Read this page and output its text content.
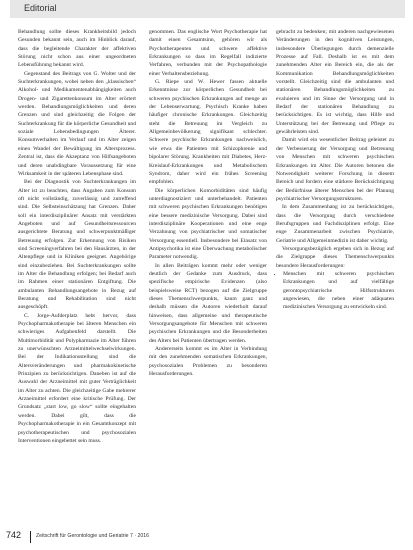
Editorial

Behandlung sollte dieses Krankheitsbild jedoch Gesunden bekannt sein, auch im Hinblick darauf, dass die begleitende Charakter der affektiven Störung nicht schon aus einer ungeordneten Lebensführung bekannt wird.

Gegenstand des Beitrags von G. Wolter und der Suchterkrankungen, wobei neben den „klassischen“ Alkohol- und Medikamentenabhängigkeiten auch Drogen- und Zigarettenkonsum im Alter erörtert werden. Behandlungsmöglichkeiten und deren Grenzen und sind gleichzeitig die Folgen der Suchterkrankung für die körperliche Gesundheit und soziale Lebensbedingungen Älterer. Konsumverhalten im Verlauf und im Alter zeigen einen Wandel der Bewältigung im Altersprozess. Zentral ist, dass die Akzeptanz von Hilfsangeboten und deren unabdingbare Voraussetzung für eine Wirksamkeit in der späteren Lebensphase sind.

Bei der Diagnostik von Suchterkrankungen im Alter ist zu beachten, dass Angaben zum Konsum oft nicht vollständig, zuverlässig und zutreffend sind. Die Selbsteinschätzung hat Grenzen. Daher soll ein interdisziplinärer Ansatz mit verstärkten Angeboten und auf Gesundheitsressourcen ausgerichtete Beratung und schwerpunktmäßiger Betreuung erfolgen. Zur Erkennung von Risiken sind Screeningverfahren bei den Hausärzten, in der Altenpflege und in Kliniken geeignet. Angehörige sind einzubeziehen. Bei Suchterkrankungen sollte im Alter die Behandlung erfolgen; bei Bedarf auch im Rahmen einer stationären Entgiftung. Die ambulanten Behandlungsangebote in Bezug auf Beratung und Rehabilitation sind nicht ausgeschöpft.

C. Jorge-Aufderplatz hebt hervor, dass Psychopharmakotherapie bei älteren Menschen ein schwieriges Aufgabenfeld darstellt. Die Multimorbidität und Polypharmazie im Alter führen zu unerwünschten Arzneimittelwechselwirkungen. Bei der Indikationsstellung sind die Altersveränderungen und pharmakokinetische Prinzipien zu berücksichtigen. Daneben ist auf die Auswahl der Arzneimittel mit guter Verträglichkeit im Alter zu achten. Die gleichzeitige Gabe mehrerer Arzneimittel erfordert eine kritische Prüfung. Der Grundsatz „start low, go slow“ sollte eingehalten werden. Dabei gilt, dass die Psychopharmakotherapie in ein Gesamtkonzept mit psychotherapeutischen und psychosozialen Interventionen eingebettet sein muss.

genommen. Das englische Wort Psychotherapie hat damit einen Gesamtsinn, gehören wir als Psychotherapeuten und schwere affektive Erkrankungen so dass im Regelfall indizierte Verfahren, verbunden mit der Psychopathologie einer Verhaltensbeziehung.

G. Riepe und W. Hewer fassen aktuelle Erkenntnisse zur körperlichen Gesundheit bei schweren psychischen Erkrankungen auf menge an der Lebenserwartung. Psychisch Kranke haben häufiger chronische Erkrankungen. Gleichzeitig steht die Betreuung im Vergleich zu Allgemeinbevölkerung signifikant schlechter. Schwere psychische Erkrankungen nachweislich, wie etwa die Patienten mit Schizophrenie und bipolarer Störung. Krankheiten mit Diabetes, Herz-Kreislauf-Erkrankungen und Metabolischem Syndrom, daher wird ein frühes Screening empfohlen.

Die körperlichen Komorbiditäten sind häufig unterdiagnostiziert und unterbehandelt. Patienten mit schweren psychischen Erkrankungen benötigen eine bessere medizinische Versorgung. Dabei sind interdisziplinäre Kooperationen und eine enge Verzahnung von psychiatrischer und somatischer Versorgung essentiell. Insbesondere bei Einsatz von Antipsychotika ist eine Überwachung metabolischer Parameter notwendig.

In allen Beiträgen kommt mehr oder weniger deutlich der Gedanke zum Ausdruck, dass spezifische empirische Evidenzen (also beispielsweise RCT) bezogen auf die Zielgruppe dieses Themenschwerpunkts, kaum ganz und deshalb müssen die Autoren wiederholt darauf hinweisen, dass allgemeine und therapeutische Versorgungsangebote für Menschen mit schweren psychischen Erkrankungen und die Besonderheiten des Alters bei Patienten übertragen werden.

Andererseits kommt es im Alter in Verbindung mit den zunehmenden somatischen Erkrankungen, psychosozialen Problemen zu besonderen Herausforderungen.

gebracht zu bedenken; mit anderen nachgewiesenen Veränderungen in den kognitiven Leistungen, insbesondere Überlegungen durch demenzielle Prozesse auf Fall. Deshalb ist es mit dem zunehmenden Alter ein Bereich ein, die als der Kommunikation Behandlungsmöglichkeiten vorstellt. Gleichzeitig sind die ambulanten und stationären Behandlungsmöglichkeiten zu evaluieren und im Sinne der Versorgung und in Bedarf der stationären Behandlung zu berücksichtigen. Es ist wichtig, dass Hilfe und Unterstützung bei der Betreuung und Pflege zu gewährleisten sind.

Damit wird ein wesentlicher Beitrag geleistet zu der Verbesserung der Versorgung und Betreuung von Menschen mit schweren psychischen Erkrankungen im Alter. Die Autoren betonen die Notwendigkeit weiterer Forschung in diesem Bereich und fordern eine stärkere Berücksichtigung der Bedürfnisse älterer Menschen bei der Planung psychiatrischer Versorgungsstrukturen.

In dem Zusammenhang ist zu berücksichtigen, dass die Versorgung durch verschiedene Berufsgruppen und Fachdisziplinen erfolgt. Eine enge Zusammenarbeit zwischen Psychiatrie, Geriatrie und Allgemeinmedizin ist daher wichtig.

Versorgungsbezüglich ergeben sich in Bezug auf die Zielgruppe dieses Themenschwerpunkts besondere Herausforderungen:

• Menschen mit schweren psychischen Erkrankungen und auf vielfältige gerontopsychiatrische Hilfsstrukturen angewiesen, die neben einer adäquaten medizinischen Versorgung zu entwickeln sind.
742	Zeitschrift für Gerontologie und Geriatrie 7 · 2016
